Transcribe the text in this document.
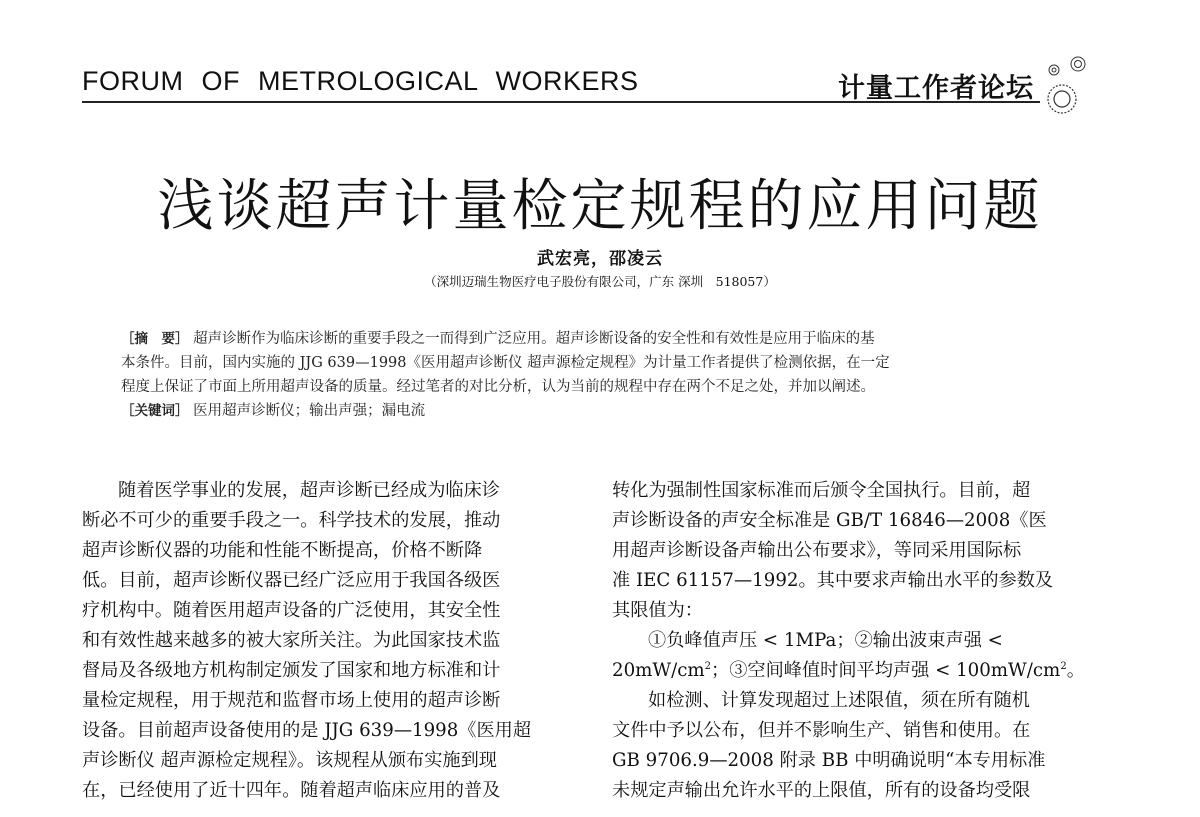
FORUM OF METROLOGICAL WORKERS	计量工作者论坛
浅谈超声计量检定规程的应用问题
武宏亮，邵凌云
（深圳迈瑞生物医疗电子股份有限公司，广东 深圳　518057）

［摘　要］ 超声诊断作为临床诊断的重要手段之一而得到广泛应用。超声诊断设备的安全性和有效性是应用于临床的基

本条件。目前，国内实施的 JJG 639—1998《医用超声诊断仪 超声源检定规程》为计量工作者提供了检测依据，在一定

程度上保证了市面上所用超声设备的质量。经过笔者的对比分析，认为当前的规程中存在两个不足之处，并加以阐述。

［关键词］ 医用超声诊断仪；输出声强；漏电流

随着医学事业的发展，超声诊断已经成为临床诊

断必不可少的重要手段之一。科学技术的发展，推动

超声诊断仪器的功能和性能不断提高，价格不断降

低。目前，超声诊断仪器已经广泛应用于我国各级医

疗机构中。随着医用超声设备的广泛使用，其安全性

和有效性越来越多的被大家所关注。为此国家技术监

督局及各级地方机构制定颁发了国家和地方标准和计

量检定规程，用于规范和监督市场上使用的超声诊断

设备。目前超声设备使用的是 JJG 639—1998《医用超

声诊断仪 超声源检定规程》。该规程从颁布实施到现

在，已经使用了近十四年。随着超声临床应用的普及

转化为强制性国家标准而后颁令全国执行。目前，超

声诊断设备的声安全标准是 GB/T 16846—2008《医

用超声诊断设备声输出公布要求》，等同采用国际标

准 IEC 61157—1992。其中要求声输出水平的参数及

其限值为：

①负峰值声压 < 1MPa；②输出波束声强 <

$20mW/cm^2$；③空间峰值时间平均声强 < $100mW/cm^2$。

如检测、计算发现超过上述限值，须在所有随机

文件中予以公布，但并不影响生产、销售和使用。在

GB 9706.9—2008 附录 BB 中明确说明“本专用标准

未规定声输出允许水平的上限值，所有的设备均受限
